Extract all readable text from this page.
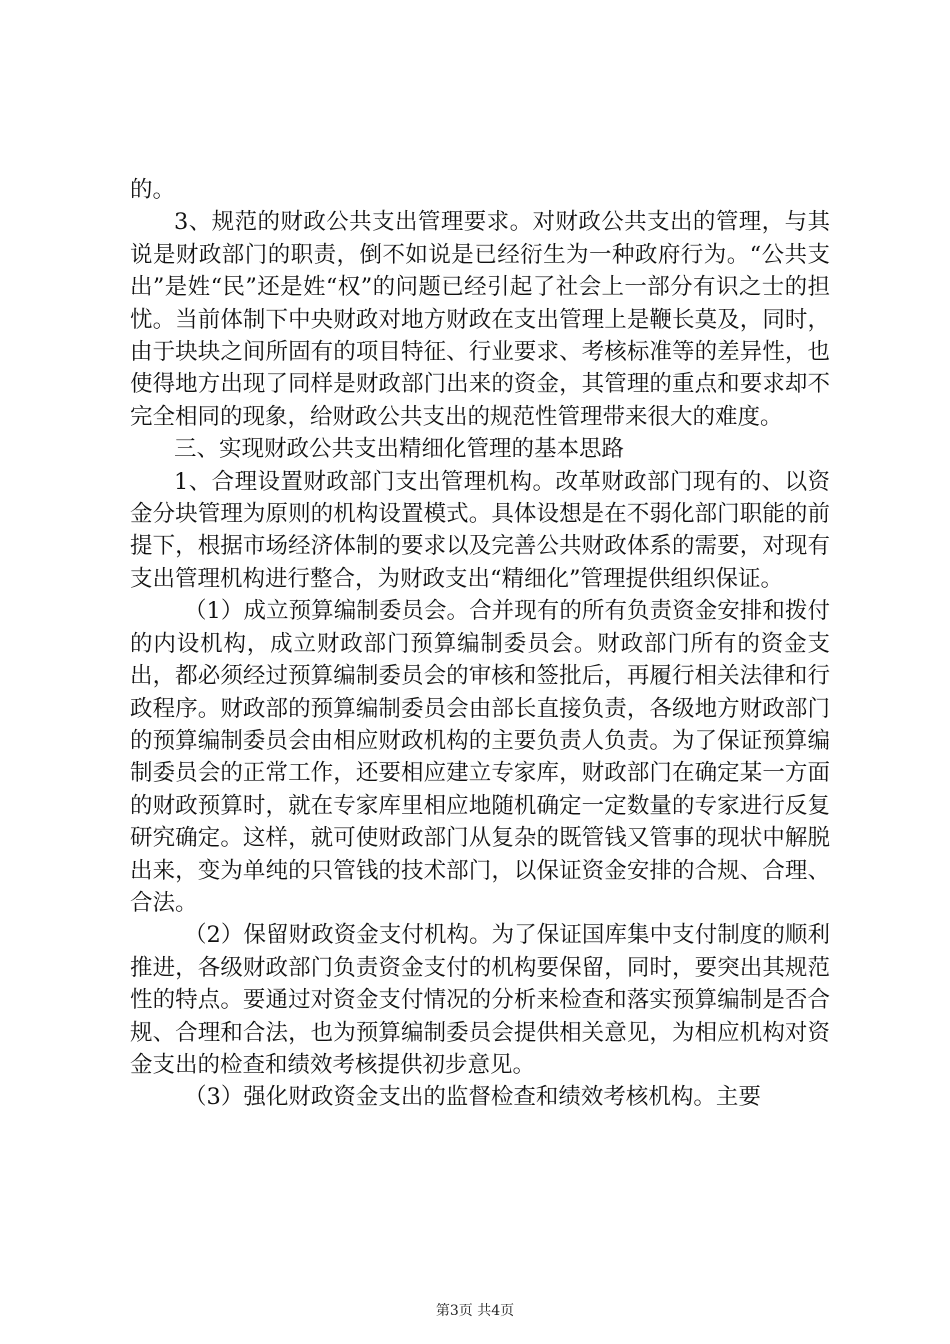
的。

3、规范的财政公共支出管理要求。对财政公共支出的管理，与其说是财政部门的职责，倒不如说是已经衍生为一种政府行为。“公共支出”是姓“民”还是姓“权”的问题已经引起了社会上一部分有识之士的担忧。当前体制下中央财政对地方财政在支出管理上是鞭长莫及，同时，由于块块之间所固有的项目特征、行业要求、考核标准等的差异性，也使得地方出现了同样是财政部门出来的资金，其管理的重点和要求却不完全相同的现象，给财政公共支出的规范性管理带来很大的难度。

三、实现财政公共支出精细化管理的基本思路

1、合理设置财政部门支出管理机构。改革财政部门现有的、以资金分块管理为原则的机构设置模式。具体设想是在不弱化部门职能的前提下，根据市场经济体制的要求以及完善公共财政体系的需要，对现有支出管理机构进行整合，为财政支出“精细化”管理提供组织保证。

（1）成立预算编制委员会。合并现有的所有负责资金安排和拨付的内设机构，成立财政部门预算编制委员会。财政部门所有的资金支出，都必须经过预算编制委员会的审核和签批后，再履行相关法律和行政程序。财政部的预算编制委员会由部长直接负责，各级地方财政部门的预算编制委员会由相应财政机构的主要负责人负责。为了保证预算编制委员会的正常工作，还要相应建立专家库，财政部门在确定某一方面的财政预算时，就在专家库里相应地随机确定一定数量的专家进行反复研究确定。这样，就可使财政部门从复杂的既管钱又管事的现状中解脱出来，变为单纯的只管钱的技术部门，以保证资金安排的合规、合理、合法。

（2）保留财政资金支付机构。为了保证国库集中支付制度的顺利推进，各级财政部门负责资金支付的机构要保留，同时，要突出其规范性的特点。要通过对资金支付情况的分析来检查和落实预算编制是否合规、合理和合法，也为预算编制委员会提供相关意见，为相应机构对资金支出的检查和绩效考核提供初步意见。

（3）强化财政资金支出的监督检查和绩效考核机构。主要

第3页 共4页
